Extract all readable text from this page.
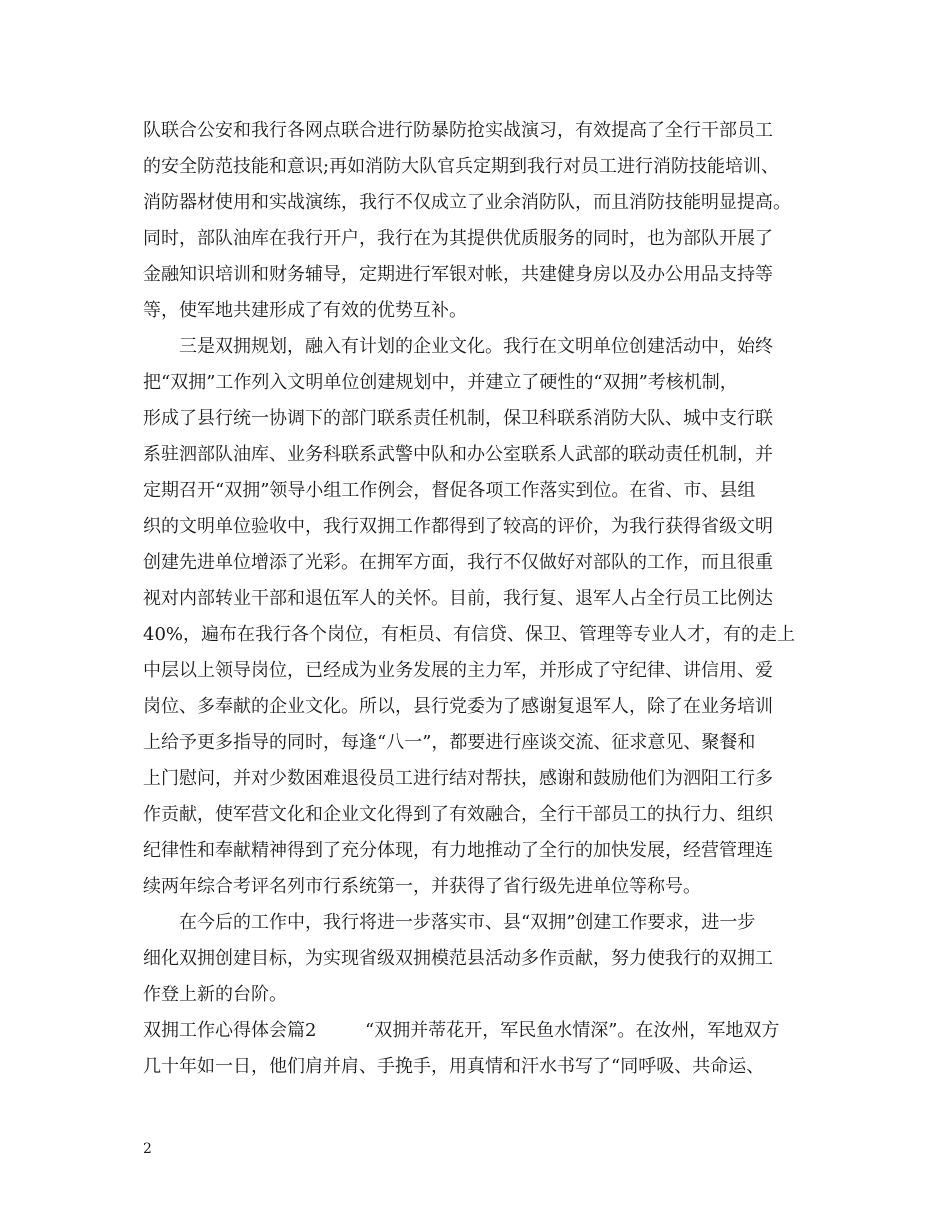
队联合公安和我行各网点联合进行防暴防抢实战演习，有效提高了全行干部员工
的安全防范技能和意识;再如消防大队官兵定期到我行对员工进行消防技能培训、
消防器材使用和实战演练，我行不仅成立了业余消防队，而且消防技能明显提高。
同时，部队油库在我行开户，我行在为其提供优质服务的同时，也为部队开展了
金融知识培训和财务辅导，定期进行军银对帐，共建健身房以及办公用品支持等
等，使军地共建形成了有效的优势互补。
三是双拥规划，融入有计划的企业文化。我行在文明单位创建活动中，始终
把“双拥”工作列入文明单位创建规划中，并建立了硬性的“双拥”考核机制，
形成了县行统一协调下的部门联系责任机制，保卫科联系消防大队、城中支行联
系驻泗部队油库、业务科联系武警中队和办公室联系人武部的联动责任机制，并
定期召开“双拥”领导小组工作例会，督促各项工作落实到位。在省、市、县组
织的文明单位验收中，我行双拥工作都得到了较高的评价，为我行获得省级文明
创建先进单位增添了光彩。在拥军方面，我行不仅做好对部队的工作，而且很重
视对内部转业干部和退伍军人的关怀。目前，我行复、退军人占全行员工比例达
40%，遍布在我行各个岗位，有柜员、有信贷、保卫、管理等专业人才，有的走上
中层以上领导岗位，已经成为业务发展的主力军，并形成了守纪律、讲信用、爱
岗位、多奉献的企业文化。所以，县行党委为了感谢复退军人，除了在业务培训
上给予更多指导的同时，每逢“八一”，都要进行座谈交流、征求意见、聚餐和
上门慰问，并对少数困难退役员工进行结对帮扶，感谢和鼓励他们为泗阳工行多
作贡献，使军营文化和企业文化得到了有效融合，全行干部员工的执行力、组织
纪律性和奉献精神得到了充分体现，有力地推动了全行的加快发展，经营管理连
续两年综合考评名列市行系统第一，并获得了省行级先进单位等称号。
在今后的工作中，我行将进一步落实市、县“双拥”创建工作要求，进一步
细化双拥创建目标，为实现省级双拥模范县活动多作贡献，努力使我行的双拥工
作登上新的台阶。
双拥工作心得体会篇2	“双拥并蒂花开，军民鱼水情深”。在汝州，军地双方
几十年如一日，他们肩并肩、手挽手，用真情和汗水书写了“同呼吸、共命运、
2
